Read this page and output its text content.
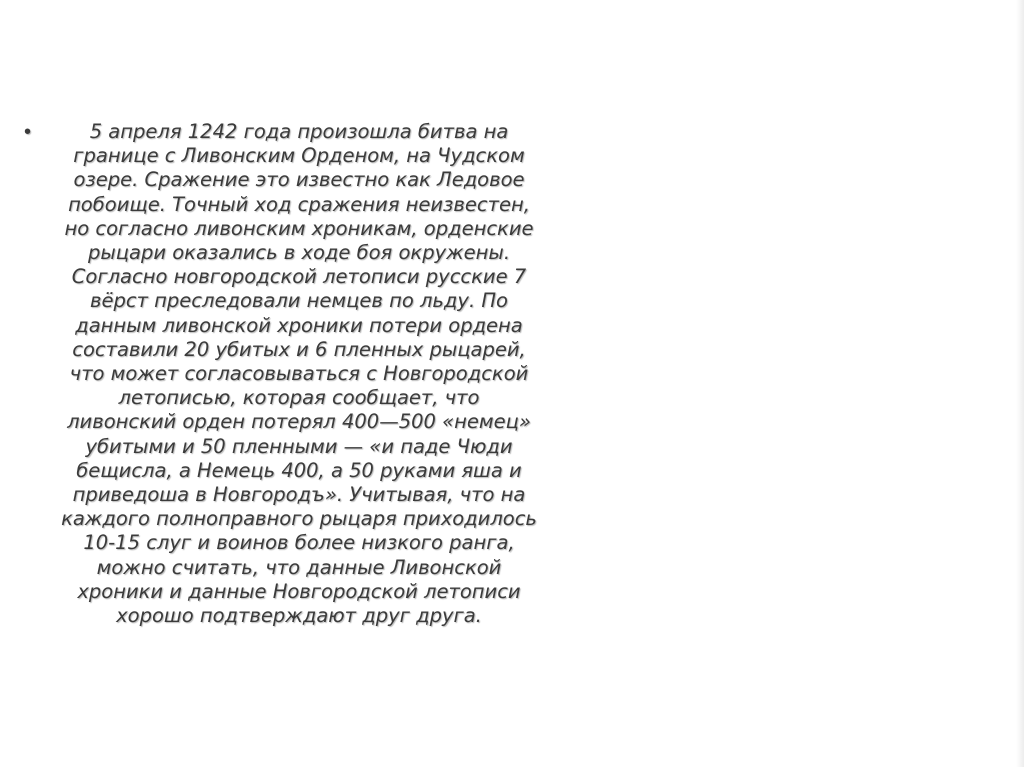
•	5 апреля 1242 года произошла битва на
границе с Ливонским Орденом, на Чудском
озере. Сражение это известно как Ледовое
побоище. Точный ход сражения неизвестен,
но согласно ливонским хроникам, орденские
рыцари оказались в ходе боя окружены.
Согласно новгородской летописи русские 7
вёрст преследовали немцев по льду. По
данным ливонской хроники потери ордена
составили 20 убитых и 6 пленных рыцарей,
что может согласовываться с Новгородской
летописью, которая сообщает, что
ливонский орден потерял 400—500 «немец»
убитыми и 50 пленными — «и паде Чюди
бещисла, а Немець 400, а 50 руками яша и
приведоша в Новгородъ». Учитывая, что на
каждого полноправного рыцаря приходилось
10-15 слуг и воинов более низкого ранга,
можно считать, что данные Ливонской
хроники и данные Новгородской летописи
хорошо подтверждают друг друга.
